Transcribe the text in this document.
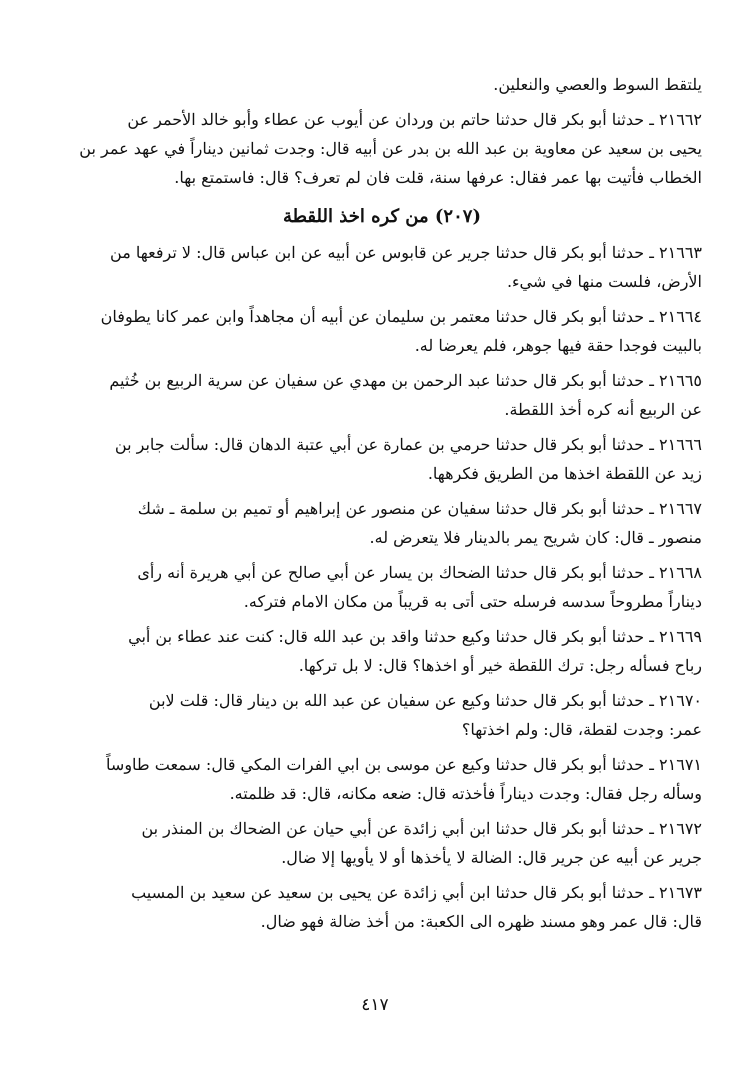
يلتقط السوط والعصي والنعلين.

٢١٦٦٢ ـ حدثنا أبو بكر قال حدثنا حاتم بن وردان عن أيوب عن عطاء وأبو خالد الأحمر عن

يحيى بن سعيد عن معاوية بن عبد الله بن بدر عن أبيه قال: وجدت ثمانين ديناراً في عهد عمر بن

الخطاب فأتيت بها عمر فقال: عرفها سنة، قلت فان لم تعرف؟ قال: فاستمتع بها.

(٢٠٧) من كره اخذ اللقطة

٢١٦٦٣ ـ حدثنا أبو بكر قال حدثنا جرير عن قابوس عن أبيه عن ابن عباس قال: لا ترفعها من

الأرض، فلست منها في شيء.

٢١٦٦٤ ـ حدثنا أبو بكر قال حدثنا معتمر بن سليمان عن أبيه أن مجاهداً وابن عمر كانا يطوفان

بالبيت فوجدا حقة فيها جوهر، فلم يعرضا له.

٢١٦٦٥ ـ حدثنا أبو بكر قال حدثنا عبد الرحمن بن مهدي عن سفيان عن سرية الربيع بن خُثيم

عن الربيع أنه كره أخذ اللقطة.

٢١٦٦٦ ـ حدثنا أبو بكر قال حدثنا حرمي بن عمارة عن أبي عتبة الدهان قال: سألت جابر بن

زيد عن اللقطة اخذها من الطريق فكرهها.

٢١٦٦٧ ـ حدثنا أبو بكر قال حدثنا سفيان عن منصور عن إبراهيم أو تميم بن سلمة ـ شك

منصور ـ قال: كان شريح يمر بالدينار فلا يتعرض له.

٢١٦٦٨ ـ حدثنا أبو بكر قال حدثنا الضحاك بن يسار عن أبي صالح عن أبي هريرة أنه رأى

ديناراً مطروحاً سدسه فرسله حتى أتى به قريباً من مكان الامام فتركه.

٢١٦٦٩ ـ حدثنا أبو بكر قال حدثنا وكيع حدثنا واقد بن عبد الله قال: كنت عند عطاء بن أبي

رباح فسأله رجل: ترك اللقطة خير أو اخذها؟ قال: لا بل تركها.

٢١٦٧٠ ـ حدثنا أبو بكر قال حدثنا وكيع عن سفيان عن عبد الله بن دينار قال: قلت لابن

عمر: وجدت لقطة، قال: ولم اخذتها؟

٢١٦٧١ ـ حدثنا أبو بكر قال حدثنا وكيع عن موسى بن ابي الفرات المكي قال: سمعت طاوساً

وسأله رجل فقال: وجدت ديناراً فأخذته قال: ضعه مكانه، قال: قد ظلمته.

٢١٦٧٢ ـ حدثنا أبو بكر قال حدثنا ابن أبي زائدة عن أبي حيان عن الضحاك بن المنذر بن

جرير عن أبيه عن جرير قال: الضالة لا يأخذها أو لا يأويها إلا ضال.

٢١٦٧٣ ـ حدثنا أبو بكر قال حدثنا ابن أبي زائدة عن يحيى بن سعيد عن سعيد بن المسيب

قال: قال عمر وهو مسند ظهره الى الكعبة: من أخذ ضالة فهو ضال.

٤١٧
